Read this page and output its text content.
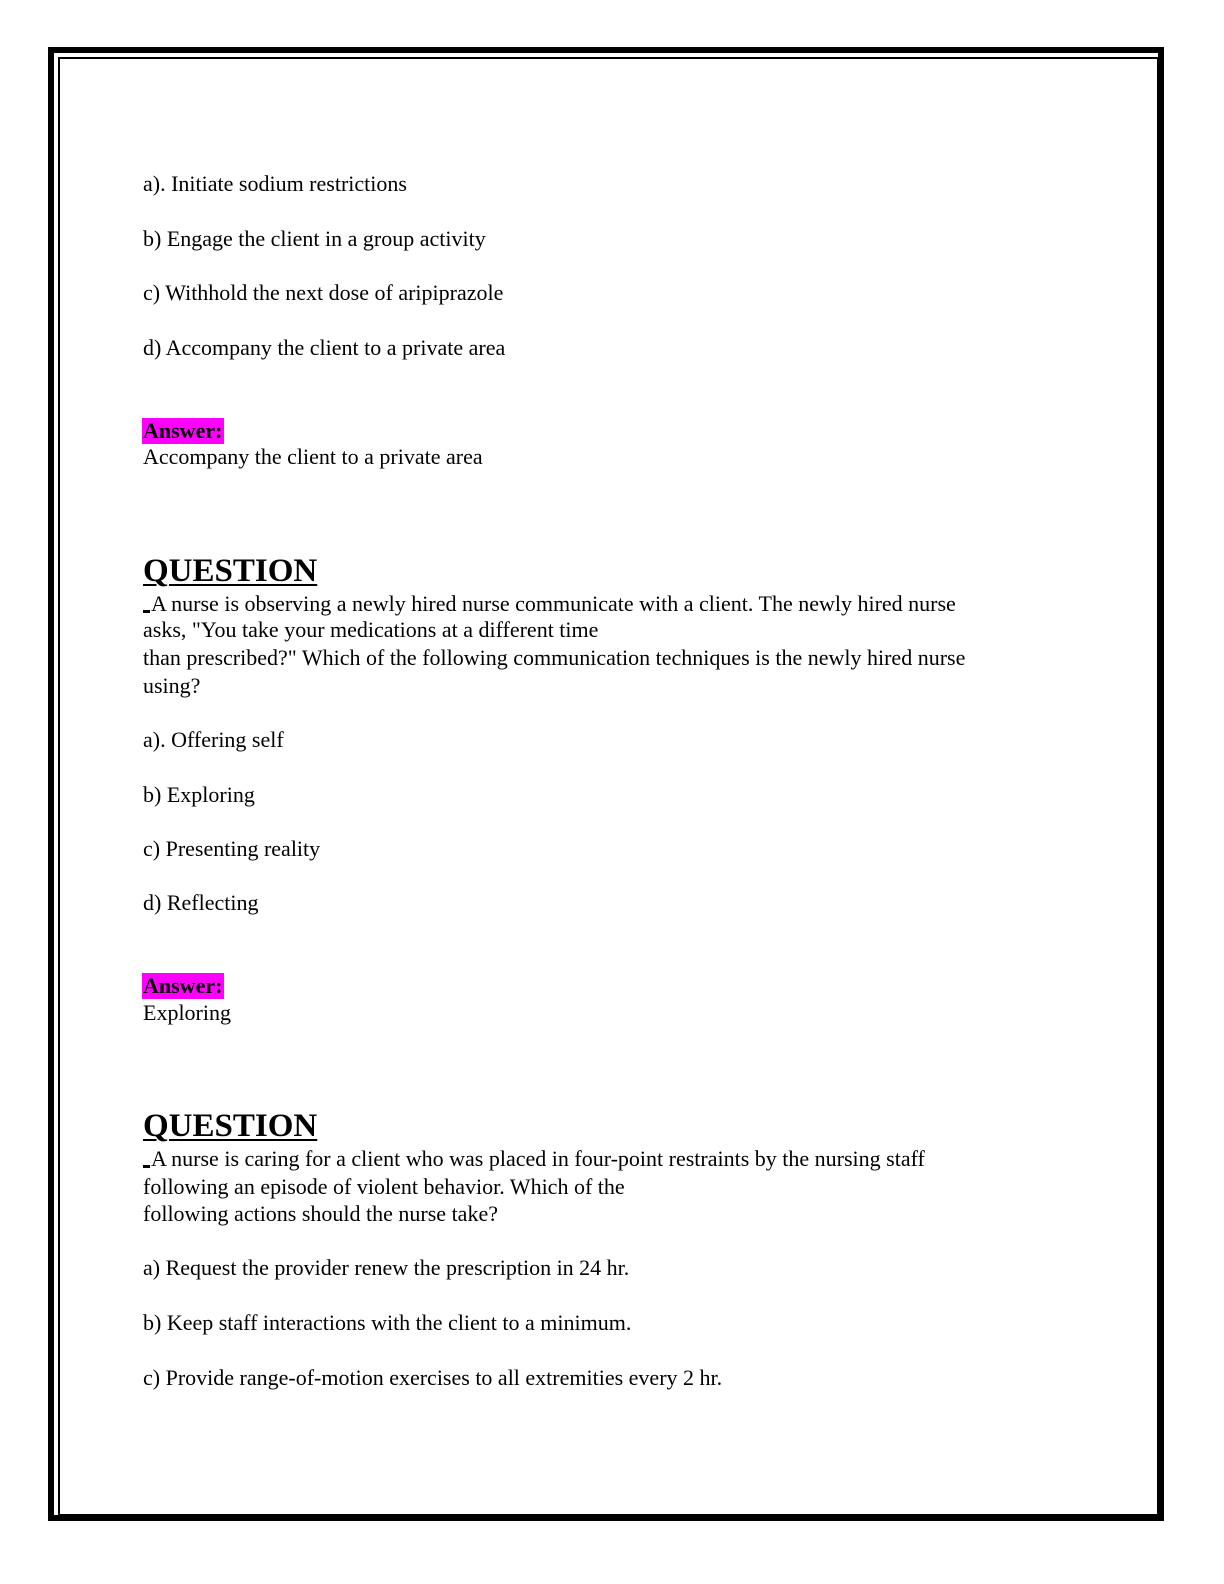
a). Initiate sodium restrictions
b) Engage the client in a group activity
c) Withhold the next dose of aripiprazole
d) Accompany the client to a private area
Answer:
Accompany the client to a private area
QUESTION
A nurse is observing a newly hired nurse communicate with a client. The newly hired nurse
asks, "You take your medications at a different time
than prescribed?" Which of the following communication techniques is the newly hired nurse
using?
a). Offering self
b) Exploring
c) Presenting reality
d) Reflecting
Answer:
Exploring
QUESTION
A nurse is caring for a client who was placed in four-point restraints by the nursing staff
following an episode of violent behavior. Which of the
following actions should the nurse take?
a) Request the provider renew the prescription in 24 hr.
b) Keep staff interactions with the client to a minimum.
c) Provide range-of-motion exercises to all extremities every 2 hr.
